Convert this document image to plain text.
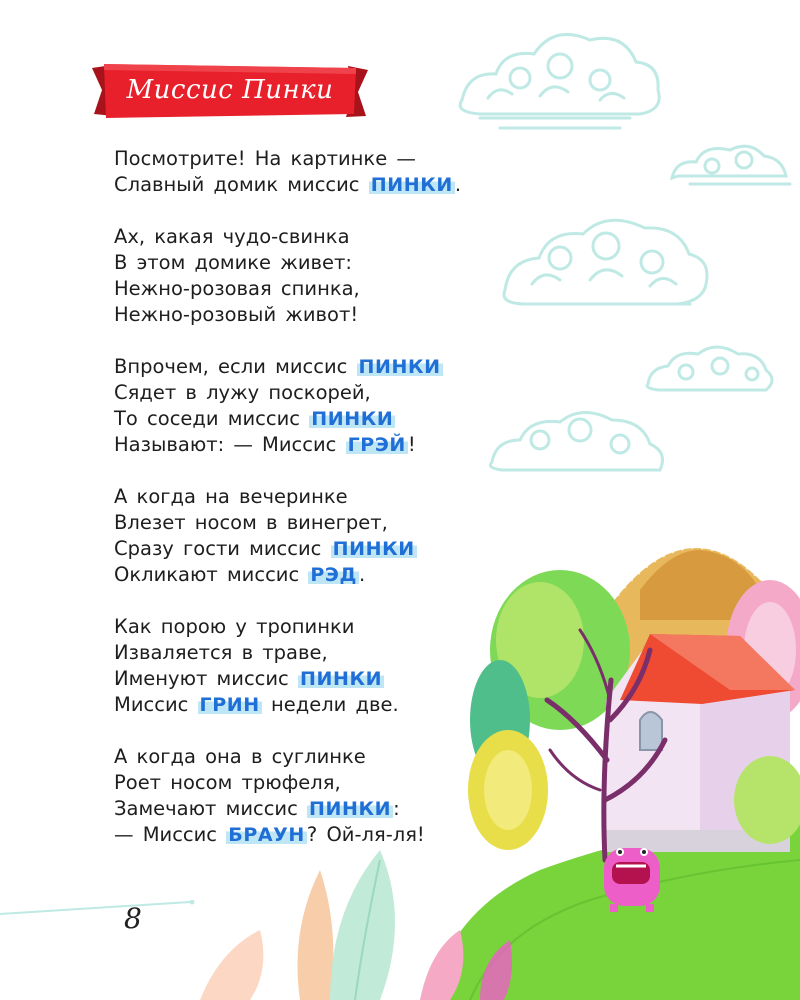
Миссис Пинки
Посмотрите! На картинке —
Славный домик миссис ПИНКИ .
Ах, какая чудо-свинка
В этом домике живет:
Нежно-розовая спинка,
Нежно-розовый живот!
Впрочем, если миссис ПИНКИ
Сядет в лужу поскорей,
То соседи миссис ПИНКИ
Называют: — Миссис ГРЭЙ !
А когда на вечеринке
Влезет носом в винегрет,
Сразу гости миссис ПИНКИ
Окликают миссис РЭД .
Как порою у тропинки
Изваляется в траве,
Именуют миссис ПИНКИ
Миссис ГРИН недели две.
А когда она в суглинке
Роет носом трюфеля,
Замечают миссис ПИНКИ :
— Миссис БРАУН ? Ой-ля-ля!
8
